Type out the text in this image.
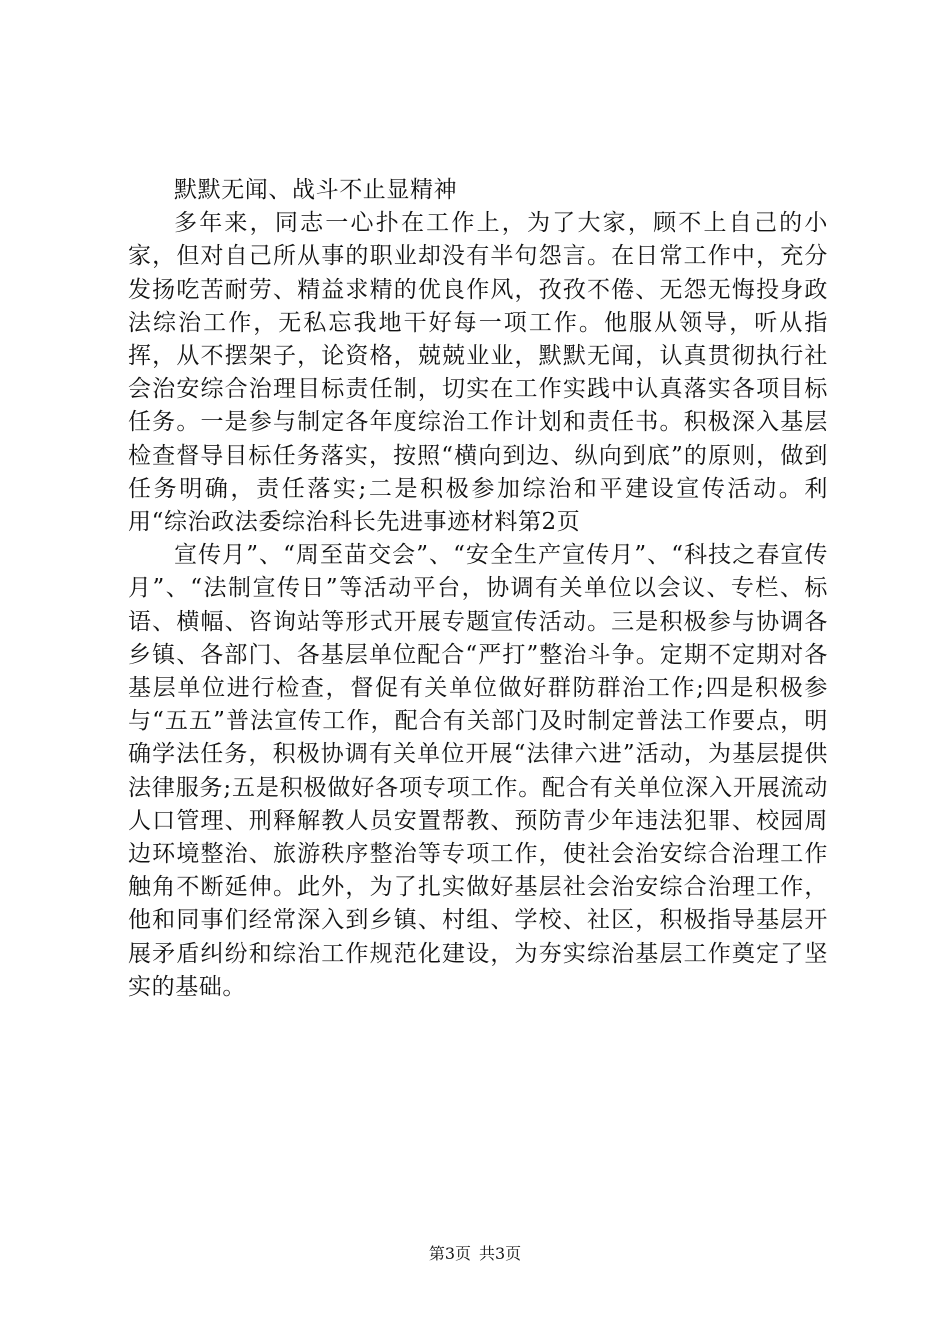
默默无闻、战斗不止显精神

多年来，同志一心扑在工作上，为了大家，顾不上自己的小家，但对自己所从事的职业却没有半句怨言。在日常工作中，充分发扬吃苦耐劳、精益求精的优良作风，孜孜不倦、无怨无悔投身政法综治工作，无私忘我地干好每一项工作。他服从领导，听从指挥，从不摆架子，论资格，兢兢业业，默默无闻，认真贯彻执行社会治安综合治理目标责任制，切实在工作实践中认真落实各项目标任务。一是参与制定各年度综治工作计划和责任书。积极深入基层检查督导目标任务落实，按照“横向到边、纵向到底”的原则，做到任务明确，责任落实;二是积极参加综治和平建设宣传活动。利用“综治政法委综治科长先进事迹材料第2页

宣传月”、“周至苗交会”、“安全生产宣传月”、“科技之春宣传月”、“法制宣传日”等活动平台，协调有关单位以会议、专栏、标语、横幅、咨询站等形式开展专题宣传活动。三是积极参与协调各乡镇、各部门、各基层单位配合“严打”整治斗争。定期不定期对各基层单位进行检查，督促有关单位做好群防群治工作;四是积极参与“五五”普法宣传工作，配合有关部门及时制定普法工作要点，明确学法任务，积极协调有关单位开展“法律六进”活动，为基层提供法律服务;五是积极做好各项专项工作。配合有关单位深入开展流动人口管理、刑释解教人员安置帮教、预防青少年违法犯罪、校园周边环境整治、旅游秩序整治等专项工作，使社会治安综合治理工作触角不断延伸。此外，为了扎实做好基层社会治安综合治理工作，他和同事们经常深入到乡镇、村组、学校、社区，积极指导基层开展矛盾纠纷和综治工作规范化建设，为夯实综治基层工作奠定了坚实的基础。

第3页 共3页
